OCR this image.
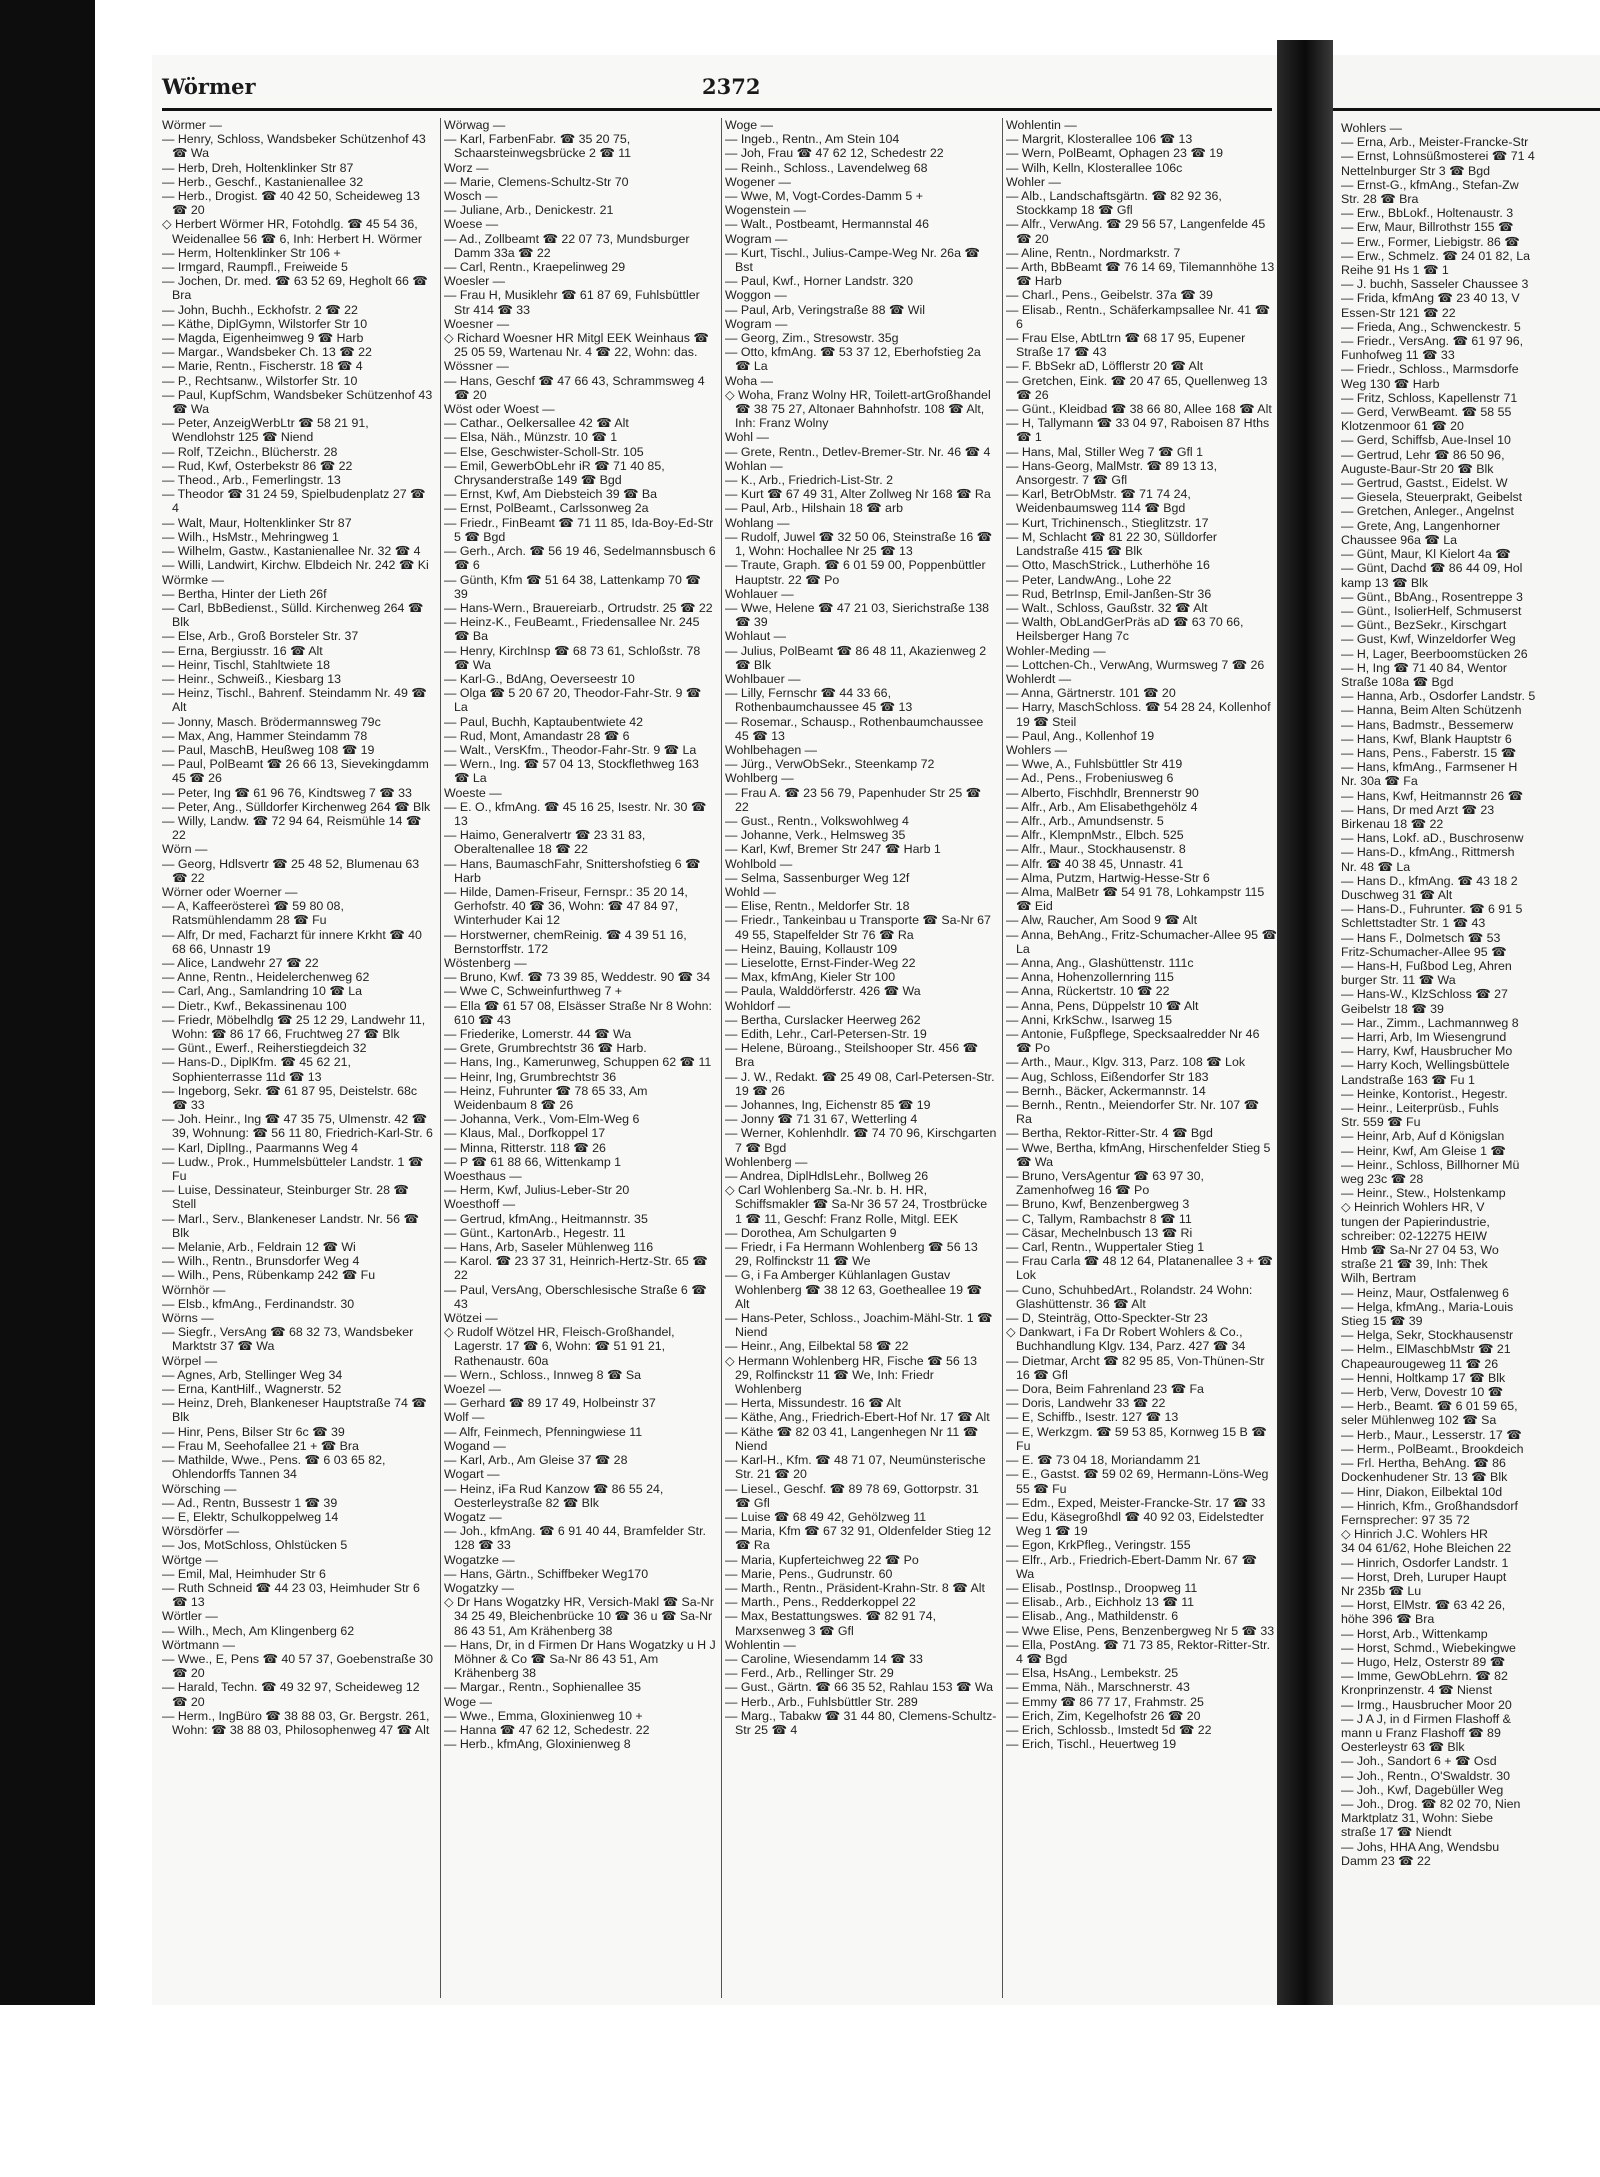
Wohlers —

— Erna, Arb., Meister-Francke-Str

— Ernst, Lohnsüßmosterei ☎ 71 4

Nettelnburger Str 3 ☎ Bgd

— Ernst-G., kfmAng., Stefan-Zw

Str. 28 ☎ Bra

— Erw., BbLokf., Holtenaustr. 3

— Erw, Maur, Billrothstr 155 ☎

— Erw., Former, Liebigstr. 86 ☎

— Erw., Schmelz. ☎ 24 01 82, La

Reihe 91 Hs 1 ☎ 1

— J. buchh, Sasseler Chaussee 3

— Frida, kfmAng ☎ 23 40 13, V

Essen-Str 121 ☎ 22

— Frieda, Ang., Schwenckestr. 5

— Friedr., VersAng. ☎ 61 97 96,

Funhofweg 11 ☎ 33

— Friedr., Schloss., Marmsdorfe

Weg 130 ☎ Harb

— Fritz, Schloss, Kapellenstr 71

— Gerd, VerwBeamt. ☎ 58 55

Klotzenmoor 61 ☎ 20

— Gerd, Schiffsb, Aue-Insel 10

— Gertrud, Lehr ☎ 86 50 96,

Auguste-Baur-Str 20 ☎ Blk

— Gertrud, Gastst., Eidelst. W

— Giesela, Steuerprakt, Geibelst

— Gretchen, Anleger., Angelnst

— Grete, Ang, Langenhorner

Chaussee 96a ☎ La

— Günt, Maur, Kl Kielort 4a ☎

— Günt, Dachd ☎ 86 44 09, Hol

kamp 13 ☎ Blk

— Günt., BbAng., Rosentreppe 3

— Günt., IsolierHelf, Schmuserst

— Günt., BezSekr., Kirschgart

— Gust, Kwf, Winzeldorfer Weg

— H, Lager, Beerboomstücken 26

— H, Ing ☎ 71 40 84, Wentor

Straße 108a ☎ Bgd

— Hanna, Arb., Osdorfer Landstr. 5

— Hanna, Beim Alten Schützenh

— Hans, Badmstr., Bessemerw

— Hans, Kwf, Blank Hauptstr 6

— Hans, Pens., Faberstr. 15 ☎

— Hans, kfmAng., Farmsener H

Nr. 30a ☎ Fa

— Hans, Kwf, Heitmannstr 26 ☎

— Hans, Dr med Arzt ☎ 23

Birkenau 18 ☎ 22

— Hans, Lokf. aD., Buschrosenw

— Hans-D., kfmAng., Rittmersh

Nr. 48 ☎ La

— Hans D., kfmAng. ☎ 43 18 2

Duschweg 31 ☎ Alt

— Hans-D., Fuhrunter. ☎ 6 91 5

Schlettstadter Str. 1 ☎ 43

— Hans F., Dolmetsch ☎ 53

Fritz-Schumacher-Allee 95 ☎

— Hans-H, Fußbod Leg, Ahren

burger Str. 11 ☎ Wa

— Hans-W., KlzSchloss ☎ 27

Geibelstr 18 ☎ 39

— Har., Zimm., Lachmannweg 8

— Harri, Arb, Im Wiesengrund

— Harry, Kwf, Hausbrucher Mo

— Harry Koch, Wellingsbüttele

Landstraße 163 ☎ Fu 1

— Heinke, Kontorist., Hegestr.

— Heinr., Leiterprüsb., Fuhls

Str. 559 ☎ Fu

— Heinr, Arb, Auf d Königslan

— Heinr, Kwf, Am Gleise 1 ☎

— Heinr., Schloss, Billhorner Mü

weg 23c ☎ 28

— Heinr., Stew., Holstenkamp

◇ Heinrich Wohlers HR, V

tungen der Papierindustrie,

schreiber: 02-12275 HEIW

Hmb ☎ Sa-Nr 27 04 53, Wo

straße 21 ☎ 39, Inh: Thek

Wilh, Bertram

— Heinz, Maur, Ostfalenweg 6

— Helga, kfmAng., Maria-Louis

Stieg 15 ☎ 39

— Helga, Sekr, Stockhausenstr

— Helm., ElMaschbMstr ☎ 21

Chapeaurougeweg 11 ☎ 26

— Henni, Holtkamp 17 ☎ Blk

— Herb, Verw, Dovestr 10 ☎

— Herb., Beamt. ☎ 6 01 59 65,

seler Mühlenweg 102 ☎ Sa

— Herb., Maur., Lesserstr. 17 ☎

— Herm., PolBeamt., Brookdeich

— Frl. Hertha, BehAng. ☎ 86

Dockenhudener Str. 13 ☎ Blk

— Hinr, Diakon, Eilbektal 10d

— Hinrich, Kfm., Großhandsdorf

Fernsprecher: 97 35 72

◇ Hinrich J.C. Wohlers HR

34 04 61/62, Hohe Bleichen 22

— Hinrich, Osdorfer Landstr. 1

— Horst, Dreh, Luruper Haupt

Nr 235b ☎ Lu

— Horst, ElMstr. ☎ 63 42 26,

höhe 396 ☎ Bra

— Horst, Arb., Wittenkamp

— Horst, Schmd., Wiebekingwe

— Hugo, Helz, Osterstr 89 ☎

— Imme, GewObLehrn. ☎ 82

Kronprinzenstr. 4 ☎ Nienst

— Irmg., Hausbrucher Moor 20

— J A J, in d Firmen Flashoff &

mann u Franz Flashoff ☎ 89

Oesterleystr 63 ☎ Blk

— Joh., Sandort 6 + ☎ Osd

— Joh., Rentn., O'Swaldstr. 30

— Joh., Kwf, Dagebüller Weg

— Joh., Drog. ☎ 82 02 70, Nien

Marktplatz 31, Wohn: Siebe

straße 17 ☎ Niendt

— Johs, HHA Ang, Wendsbu

Damm 23 ☎ 22

Wörmer	2372

Wörmer —

— Henry, Schloss, Wandsbeker Schützenhof 43 ☎ Wa

— Herb, Dreh, Holtenklinker Str 87

— Herb., Geschf., Kastanienallee 32

— Herb., Drogist. ☎ 40 42 50, Scheideweg 13 ☎ 20

◇ Herbert Wörmer HR, Fotohdlg. ☎ 45 54 36, Weidenallee 56 ☎ 6, Inh: Herbert H. Wörmer

— Herm, Holtenklinker Str 106 +

— Irmgard, Raumpfl., Freiweide 5

— Jochen, Dr. med. ☎ 63 52 69, Hegholt 66 ☎ Bra

— John, Buchh., Eckhofstr. 2 ☎ 22

— Käthe, DiplGymn, Wilstorfer Str 10

— Magda, Eigenheimweg 9 ☎ Harb

— Margar., Wandsbeker Ch. 13 ☎ 22

— Marie, Rentn., Fischerstr. 18 ☎ 4

— P., Rechtsanw., Wilstorfer Str. 10

— Paul, KupfSchm, Wandsbeker Schützenhof 43 ☎ Wa

— Peter, AnzeigWerbLtr ☎ 58 21 91, Wendlohstr 125 ☎ Niend

— Rolf, TZeichn., Blücherstr. 28

— Rud, Kwf, Osterbekstr 86 ☎ 22

— Theod., Arb., Femerlingstr. 13

— Theodor ☎ 31 24 59, Spielbudenplatz 27 ☎ 4

— Walt, Maur, Holtenklinker Str 87

— Wilh., HsMstr., Mehringweg 1

— Wilhelm, Gastw., Kastanienallee Nr. 32 ☎ 4

— Willi, Landwirt, Kirchw. Elbdeich Nr. 242 ☎ Ki

Wörmke —

— Bertha, Hinter der Lieth 26f

— Carl, BbBedienst., Sülld. Kirchenweg 264 ☎ Blk

— Else, Arb., Groß Borsteler Str. 37

— Erna, Bergiusstr. 16 ☎ Alt

— Heinr, Tischl, Stahltwiete 18

— Heinr., Schweiß., Kiesbarg 13

— Heinz, Tischl., Bahrenf. Steindamm Nr. 49 ☎ Alt

— Jonny, Masch. Brödermannsweg 79c

— Max, Ang, Hammer Steindamm 78

— Paul, MaschB, Heußweg 108 ☎ 19

— Paul, PolBeamt ☎ 26 66 13, Sievekingdamm 45 ☎ 26

— Peter, Ing ☎ 61 96 76, Kindtsweg 7 ☎ 33

— Peter, Ang., Sülldorfer Kirchenweg 264 ☎ Blk

— Willy, Landw. ☎ 72 94 64, Reismühle 14 ☎ 22

Wörn —

— Georg, Hdlsvertr ☎ 25 48 52, Blumenau 63 ☎ 22

Wörner oder Woerner —

— A, Kaffeeröstereì ☎ 59 80 08, Ratsmühlendamm 28 ☎ Fu

— Alfr, Dr med, Facharzt für innere Krkht ☎ 40 68 66, Unnastr 19

— Alice, Landwehr 27 ☎ 22

— Anne, Rentn., Heidelerchenweg 62

— Carl, Ang., Samlandring 10 ☎ La

— Dietr., Kwf., Bekassinenau 100

— Friedr, Möbelhdlg ☎ 25 12 29, Landwehr 11, Wohn: ☎ 86 17 66, Fruchtweg 27 ☎ Blk

— Günt., Ewerf., Reiherstiegdeich 32

— Hans-D., DiplKfm. ☎ 45 62 21, Sophienterrasse 11d ☎ 13

— Ingeborg, Sekr. ☎ 61 87 95, Deistelstr. 68c ☎ 33

— Joh. Heinr., Ing ☎ 47 35 75, Ulmenstr. 42 ☎ 39, Wohnung: ☎ 56 11 80, Friedrich-Karl-Str. 6

— Karl, DiplIng., Paarmanns Weg 4

— Ludw., Prok., Hummelsbütteler Landstr. 1 ☎ Fu

— Luise, Dessinateur, Steinburger Str. 28 ☎ Stell

— Marl., Serv., Blankeneser Landstr. Nr. 56 ☎ Blk

— Melanie, Arb., Feldrain 12 ☎ Wi

— Wilh., Rentn., Brunsdorfer Weg 4

— Wilh., Pens, Rübenkamp 242 ☎ Fu

Wörnhör —

— Elsb., kfmAng., Ferdinandstr. 30

Wörns —

— Siegfr., VersAng ☎ 68 32 73, Wandsbeker Marktstr 37 ☎ Wa

Wörpel —

— Agnes, Arb, Stellinger Weg 34

— Erna, KantHilf., Wagnerstr. 52

— Heinz, Dreh, Blankeneser Hauptstraße 74 ☎ Blk

— Hinr, Pens, Bilser Str 6c ☎ 39

— Frau M, Seehofallee 21 + ☎ Bra

— Mathilde, Wwe., Pens. ☎ 6 03 65 82, Ohlendorffs Tannen 34

Wörsching —

— Ad., Rentn, Bussestr 1 ☎ 39

— E, Elektr, Schulkoppelweg 14

Wörsdörfer —

— Jos, MotSchloss, Ohlstücken 5

Wörtge —

— Emil, Mal, Heimhuder Str 6

— Ruth Schneid ☎ 44 23 03, Heimhuder Str 6 ☎ 13

Wörtler —

— Wilh., Mech, Am Klingenberg 62

Wörtmann —

— Wwe., E, Pens ☎ 40 57 37, Goebenstraße 30 ☎ 20

— Harald, Techn. ☎ 49 32 97, Scheideweg 12 ☎ 20

— Herm., IngBüro ☎ 38 88 03, Gr. Bergstr. 261, Wohn: ☎ 38 88 03, Philosophenweg 47 ☎ Alt

Wörwag —

— Karl, FarbenFabr. ☎ 35 20 75, Schaarsteinwegsbrücke 2 ☎ 11

Worz —

— Marie, Clemens-Schultz-Str 70

Wosch —

— Juliane, Arb., Denickestr. 21

Woese —

— Ad., Zollbeamt ☎ 22 07 73, Mundsburger Damm 33a ☎ 22

— Carl, Rentn., Kraepelinweg 29

Woesler —

— Frau H, Musiklehr ☎ 61 87 69, Fuhlsbüttler Str 414 ☎ 33

Woesner —

◇ Richard Woesner HR Mitgl EEK Weinhaus ☎ 25 05 59, Wartenau Nr. 4 ☎ 22, Wohn: das.

Wössner —

— Hans, Geschf ☎ 47 66 43, Schrammsweg 4 ☎ 20

Wöst oder Woest —

— Cathar., Oelkersallee 42 ☎ Alt

— Elsa, Näh., Münzstr. 10 ☎ 1

— Else, Geschwister-Scholl-Str. 105

— Emil, GewerbObLehr iR ☎ 71 40 85, Chrysanderstraße 149 ☎ Bgd

— Ernst, Kwf, Am Diebsteich 39 ☎ Ba

— Ernst, PolBeamt., Carlssonweg 2a

— Friedr., FinBeamt ☎ 71 11 85, Ida-Boy-Ed-Str 5 ☎ Bgd

— Gerh., Arch. ☎ 56 19 46, Sedelmannsbusch 6 ☎ 6

— Günth, Kfm ☎ 51 64 38, Lattenkamp 70 ☎ 39

— Hans-Wern., Brauereiarb., Ortrudstr. 25 ☎ 22

— Heinz-K., FeuBeamt., Friedensallee Nr. 245 ☎ Ba

— Henry, KirchInsp ☎ 68 73 61, Schloßstr. 78 ☎ Wa

— Karl-G., BdAng, Oeverseestr 10

— Olga ☎ 5 20 67 20, Theodor-Fahr-Str. 9 ☎ La

— Paul, Buchh, Kaptaubentwiete 42

— Rud, Mont, Amandastr 28 ☎ 6

— Walt., VersKfm., Theodor-Fahr-Str. 9 ☎ La

— Wern., Ing. ☎ 57 04 13, Stockflethweg 163 ☎ La

Woeste —

— E. O., kfmAng. ☎ 45 16 25, Isestr. Nr. 30 ☎ 13

— Haimo, Generalvertr ☎ 23 31 83, Oberaltenallee 18 ☎ 22

— Hans, BaumaschFahr, Snittershofstieg 6 ☎ Harb

— Hilde, Damen-Friseur, Fernspr.: 35 20 14, Gerhofstr. 40 ☎ 36, Wohn: ☎ 47 84 97, Winterhuder Kai 12

— Horstwerner, chemReinig. ☎ 4 39 51 16, Bernstorffstr. 172

Wöstenberg —

— Bruno, Kwf. ☎ 73 39 85, Weddestr. 90 ☎ 34

— Wwe C, Schweinfurthweg 7 +

— Ella ☎ 61 57 08, Elsässer Straße Nr 8 Wohn: 610 ☎ 43

— Friederike, Lomerstr. 44 ☎ Wa

— Grete, Grumbrechtstr 36 ☎ Harb.

— Hans, Ing., Kamerunweg, Schuppen 62 ☎ 11

— Heinr, Ing, Grumbrechtstr 36

— Heinz, Fuhrunter ☎ 78 65 33, Am Weidenbaum 8 ☎ 26

— Johanna, Verk., Vom-Elm-Weg 6

— Klaus, Mal., Dorfkoppel 17

— Minna, Ritterstr. 118 ☎ 26

— P ☎ 61 88 66, Wittenkamp 1

Woesthaus —

— Herm, Kwf, Julius-Leber-Str 20

Woesthoff —

— Gertrud, kfmAng., Heitmannstr. 35

— Günt., KartonArb., Hegestr. 11

— Hans, Arb, Saseler Mühlenweg 116

— Karol. ☎ 23 37 31, Heinrich-Hertz-Str. 65 ☎ 22

— Paul, VersAng, Oberschlesische Straße 6 ☎ 43

Wötzei —

◇ Rudolf Wötzel HR, Fleisch-Großhandel, Lagerstr. 17 ☎ 6, Wohn: ☎ 51 91 21, Rathenaustr. 60a

— Wern., Schloss., Innweg 8 ☎ Sa

Woezel —

— Gerhard ☎ 89 17 49, Holbeinstr 37

Wolf —

— Alfr, Feinmech, Pfenningwiese 11

Wogand —

— Karl, Arb., Am Gleise 37 ☎ 28

Wogart —

— Heinz, iFa Rud Kanzow ☎ 86 55 24, Oesterleystraße 82 ☎ Blk

Wogatz —

— Joh., kfmAng. ☎ 6 91 40 44, Bramfelder Str. 128 ☎ 33

Wogatzke —

— Hans, Gärtn., Schiffbeker Weg170

Wogatzky —

◇ Dr Hans Wogatzky HR, Versich-Makl ☎ Sa-Nr 34 25 49, Bleichenbrücke 10 ☎ 36 u ☎ Sa-Nr 86 43 51, Am Krähenberg 38

— Hans, Dr, in d Firmen Dr Hans Wogatzky u H J Möhner & Co ☎ Sa-Nr 86 43 51, Am Krähenberg 38

— Margar., Rentn., Sophienallee 35

Woge —

— Wwe., Emma, Gloxinienweg 10 +

— Hanna ☎ 47 62 12, Schedestr. 22

— Herb., kfmAng, Gloxinienweg 8

Woge —

— Ingeb., Rentn., Am Stein 104

— Joh, Frau ☎ 47 62 12, Schedestr 22

— Reinh., Schloss., Lavendelweg 68

Wogener —

— Wwe, M, Vogt-Cordes-Damm 5 +

Wogenstein —

— Walt., Postbeamt, Hermannstal 46

Wogram —

— Kurt, Tischl., Julius-Campe-Weg Nr. 26a ☎ Bst

— Paul, Kwf., Horner Landstr. 320

Woggon —

— Paul, Arb, Veringstraße 88 ☎ Wil

Wogram —

— Georg, Zim., Stresowstr. 35g

— Otto, kfmAng. ☎ 53 37 12, Eberhofstieg 2a ☎ La

Woha —

◇ Woha, Franz Wolny HR, Toilett-artGroßhandel ☎ 38 75 27, Altonaer Bahnhofstr. 108 ☎ Alt, Inh: Franz Wolny

Wohl —

— Grete, Rentn., Detlev-Bremer-Str. Nr. 46 ☎ 4

Wohlan —

— K., Arb., Friedrich-List-Str. 2

— Kurt ☎ 67 49 31, Alter Zollweg Nr 168 ☎ Ra

— Paul, Arb., Hilshain 18 ☎ arb

Wohlang —

— Rudolf, Juwel ☎ 32 50 06, Steinstraße 16 ☎ 1, Wohn: Hochallee Nr 25 ☎ 13

— Traute, Graph. ☎ 6 01 59 00, Poppenbüttler Hauptstr. 22 ☎ Po

Wohlauer —

— Wwe, Helene ☎ 47 21 03, Sierichstraße 138 ☎ 39

Wohlaut —

— Julius, PolBeamt ☎ 86 48 11, Akazienweg 2 ☎ Blk

Wohlbauer —

— Lilly, Fernschr ☎ 44 33 66, Rothenbaumchaussee 45 ☎ 13

— Rosemar., Schausp., Rothenbaumchaussee 45 ☎ 13

Wohlbehagen —

— Jürg., VerwObSekr., Steenkamp 72

Wohlberg —

— Frau A. ☎ 23 56 79, Papenhuder Str 25 ☎ 22

— Gust., Rentn., Volkswohlweg 4

— Johanne, Verk., Helmsweg 35

— Karl, Kwf, Bremer Str 247 ☎ Harb 1

Wohlbold —

— Selma, Sassenburger Weg 12f

Wohld —

— Elise, Rentn., Meldorfer Str. 18

— Friedr., Tankeinbau u Transporte ☎ Sa-Nr 67 49 55, Stapelfelder Str 76 ☎ Ra

— Heinz, Bauing, Kollaustr 109

— Lieselotte, Ernst-Finder-Weg 22

— Max, kfmAng, Kieler Str 100

— Paula, Walddörferstr. 426 ☎ Wa

Wohldorf —

— Bertha, Curslacker Heerweg 262

— Edith, Lehr., Carl-Petersen-Str. 19

— Helene, Büroang., Steilshooper Str. 456 ☎ Bra

— J. W., Redakt. ☎ 25 49 08, Carl-Petersen-Str. 19 ☎ 26

— Johannes, Ing, Eichenstr 85 ☎ 19

— Jonny ☎ 71 31 67, Wetterling 4

— Werner, Kohlenhdlr. ☎ 74 70 96, Kirschgarten 7 ☎ Bgd

Wohlenberg —

— Andrea, DiplHdlsLehr., Bollweg 26

◇ Carl Wohlenberg Sa.-Nr. b. H. HR, Schiffsmakler ☎ Sa-Nr 36 57 24, Trostbrücke 1 ☎ 11, Geschf: Franz Rolle, Mitgl. EEK

— Dorothea, Am Schulgarten 9

— Friedr, i Fa Hermann Wohlenberg ☎ 56 13 29, Rolfinckstr 11 ☎ We

— G, i Fa Amberger Kühlanlagen Gustav Wohlenberg ☎ 38 12 63, Goetheallee 19 ☎ Alt

— Hans-Peter, Schloss., Joachim-Mähl-Str. 1 ☎ Niend

— Heinr., Ang, Eilbektal 58 ☎ 22

◇ Hermann Wohlenberg HR, Fische ☎ 56 13 29, Rolfinckstr 11 ☎ We, Inh: Friedr Wohlenberg

— Herta, Missundestr. 16 ☎ Alt

— Käthe, Ang., Friedrich-Ebert-Hof Nr. 17 ☎ Alt

— Käthe ☎ 82 03 41, Langenhegen Nr 11 ☎ Niend

— Karl-H., Kfm. ☎ 48 71 07, Neumünsterische Str. 21 ☎ 20

— Liesel., Geschf. ☎ 89 78 69, Gottorpstr. 31 ☎ Gfl

— Luise ☎ 68 49 42, Gehölzweg 11

— Maria, Kfm ☎ 67 32 91, Oldenfelder Stieg 12 ☎ Ra

— Maria, Kupferteichweg 22 ☎ Po

— Marie, Pens., Gudrunstr. 60

— Marth., Rentn., Präsident-Krahn-Str. 8 ☎ Alt

— Marth., Pens., Redderkoppel 22

— Max, Bestattungswes. ☎ 82 91 74, Marxsenweg 3 ☎ Gfl

Wohlentin —

— Caroline, Wiesendamm 14 ☎ 33

— Ferd., Arb., Rellinger Str. 29

— Gust., Gärtn. ☎ 66 35 52, Rahlau 153 ☎ Wa

— Herb., Arb., Fuhlsbüttler Str. 289

— Marg., Tabakw ☎ 31 44 80, Clemens-Schultz-Str 25 ☎ 4

Wohlentin —

— Margrit, Klosterallee 106 ☎ 13

— Wern, PolBeamt, Ophagen 23 ☎ 19

— Wilh, Kelln, Klosterallee 106c

Wohler —

— Alb., Landschaftsgärtn. ☎ 82 92 36, Stockkamp 18 ☎ Gfl

— Alfr., VerwAng. ☎ 29 56 57, Langenfelde 45 ☎ 20

— Aline, Rentn., Nordmarkstr. 7

— Arth, BbBeamt ☎ 76 14 69, Tilemannhöhe 13 ☎ Harb

— Charl., Pens., Geibelstr. 37a ☎ 39

— Elisab., Rentn., Schäferkampsallee Nr. 41 ☎ 6

— Frau Else, AbtLtrn ☎ 68 17 95, Eupener Straße 17 ☎ 43

— F. BbSekr aD, Löfflerstr 20 ☎ Alt

— Gretchen, Eink. ☎ 20 47 65, Quellenweg 13 ☎ 26

— Günt., Kleidbad ☎ 38 66 80, Allee 168 ☎ Alt

— H, Tallymann ☎ 33 04 97, Raboisen 87 Hths ☎ 1

— Hans, Mal, Stiller Weg 7 ☎ Gfl 1

— Hans-Georg, MalMstr. ☎ 89 13 13, Ansorgestr. 7 ☎ Gfl

— Karl, BetrObMstr. ☎ 71 74 24, Weidenbaumsweg 114 ☎ Bgd

— Kurt, Trichinensch., Stieglitzstr. 17

— M, Schlacht ☎ 81 22 30, Sülldorfer Landstraße 415 ☎ Blk

— Otto, MaschStrick., Lutherhöhe 16

— Peter, LandwAng., Lohe 22

— Rud, BetrInsp, Emil-Janßen-Str 36

— Walt., Schloss, Gaußstr. 32 ☎ Alt

— Walth, ObLandGerPräs aD ☎ 63 70 66, Heilsberger Hang 7c

Wohler-Meding —

— Lottchen-Ch., VerwAng, Wurmsweg 7 ☎ 26

Wohlerdt —

— Anna, Gärtnerstr. 101 ☎ 20

— Harry, MaschSchloss. ☎ 54 28 24, Kollenhof 19 ☎ Steil

— Paul, Ang., Kollenhof 19

Wohlers —

— Wwe, A., Fuhlsbüttler Str 419

— Ad., Pens., Frobeniusweg 6

— Alberto, Fischhdlr, Brennerstr 90

— Alfr., Arb., Am Elisabethgehölz 4

— Alfr., Arb., Amundsenstr. 5

— Alfr., KlempnMstr., Elbch. 525

— Alfr., Maur., Stockhausenstr. 8

— Alfr. ☎ 40 38 45, Unnastr. 41

— Alma, Putzm, Hartwig-Hesse-Str 6

— Alma, MalBetr ☎ 54 91 78, Lohkampstr 115 ☎ Eid

— Alw, Raucher, Am Sood 9 ☎ Alt

— Anna, BehAng., Fritz-Schumacher-Allee 95 ☎ La

— Anna, Ang., Glashüttenstr. 111c

— Anna, Hohenzollernring 115

— Anna, Rückertstr. 10 ☎ 22

— Anna, Pens, Düppelstr 10 ☎ Alt

— Anni, KrkSchw., Isarweg 15

— Antonie, Fußpflege, Specksaalredder Nr 46 ☎ Po

— Arth., Maur., Klgv. 313, Parz. 108 ☎ Lok

— Aug, Schloss, Eißendorfer Str 183

— Bernh., Bäcker, Ackermannstr. 14

— Bernh., Rentn., Meiendorfer Str. Nr. 107 ☎ Ra

— Bertha, Rektor-Ritter-Str. 4 ☎ Bgd

— Wwe, Bertha, kfmAng, Hirschenfelder Stieg 5 ☎ Wa

— Bruno, VersAgentur ☎ 63 97 30, Zamenhofweg 16 ☎ Po

— Bruno, Kwf, Benzenbergweg 3

— C, Tallym, Rambachstr 8 ☎ 11

— Cäsar, Mechelnbusch 13 ☎ Ri

— Carl, Rentn., Wuppertaler Stieg 1

— Frau Carla ☎ 48 12 64, Platanenallee 3 + ☎ Lok

— Cuno, SchuhbedArt., Rolandstr. 24 Wohn: Glashüttenstr. 36 ☎ Alt

— D, Steinträg, Otto-Speckter-Str 23

◇ Dankwart, i Fa Dr Robert Wohlers & Co., Buchhandlung Klgv. 134, Parz. 427 ☎ 34

— Dietmar, Archt ☎ 82 95 85, Von-Thünen-Str 16 ☎ Gfl

— Dora, Beim Fahrenland 23 ☎ Fa

— Doris, Landwehr 33 ☎ 22

— E, Schiffb., Isestr. 127 ☎ 13

— E, Werkzgm. ☎ 59 53 85, Kornweg 15 B ☎ Fu

— E. ☎ 73 04 18, Moriandamm 21

— E., Gastst. ☎ 59 02 69, Hermann-Löns-Weg 55 ☎ Fu

— Edm., Exped, Meister-Francke-Str. 17 ☎ 33

— Edu, Käsegroßhdl ☎ 40 92 03, Eidelstedter Weg 1 ☎ 19

— Egon, KrkPfleg., Veringstr. 155

— Elfr., Arb., Friedrich-Ebert-Damm Nr. 67 ☎ Wa

— Elisab., PostInsp., Droopweg 11

— Elisab., Arb., Eichholz 13 ☎ 11

— Elisab., Ang., Mathildenstr. 6

— Wwe Elise, Pens, Benzenbergweg Nr 5 ☎ 33

— Ella, PostAng. ☎ 71 73 85, Rektor-Ritter-Str. 4 ☎ Bgd

— Elsa, HsAng., Lembekstr. 25

— Emma, Näh., Marschnerstr. 43

— Emmy ☎ 86 77 17, Frahmstr. 25

— Erich, Zim, Kegelhofstr 26 ☎ 20

— Erich, Schlossb., Imstedt 5d ☎ 22

— Erich, Tischl., Heuertweg 19
